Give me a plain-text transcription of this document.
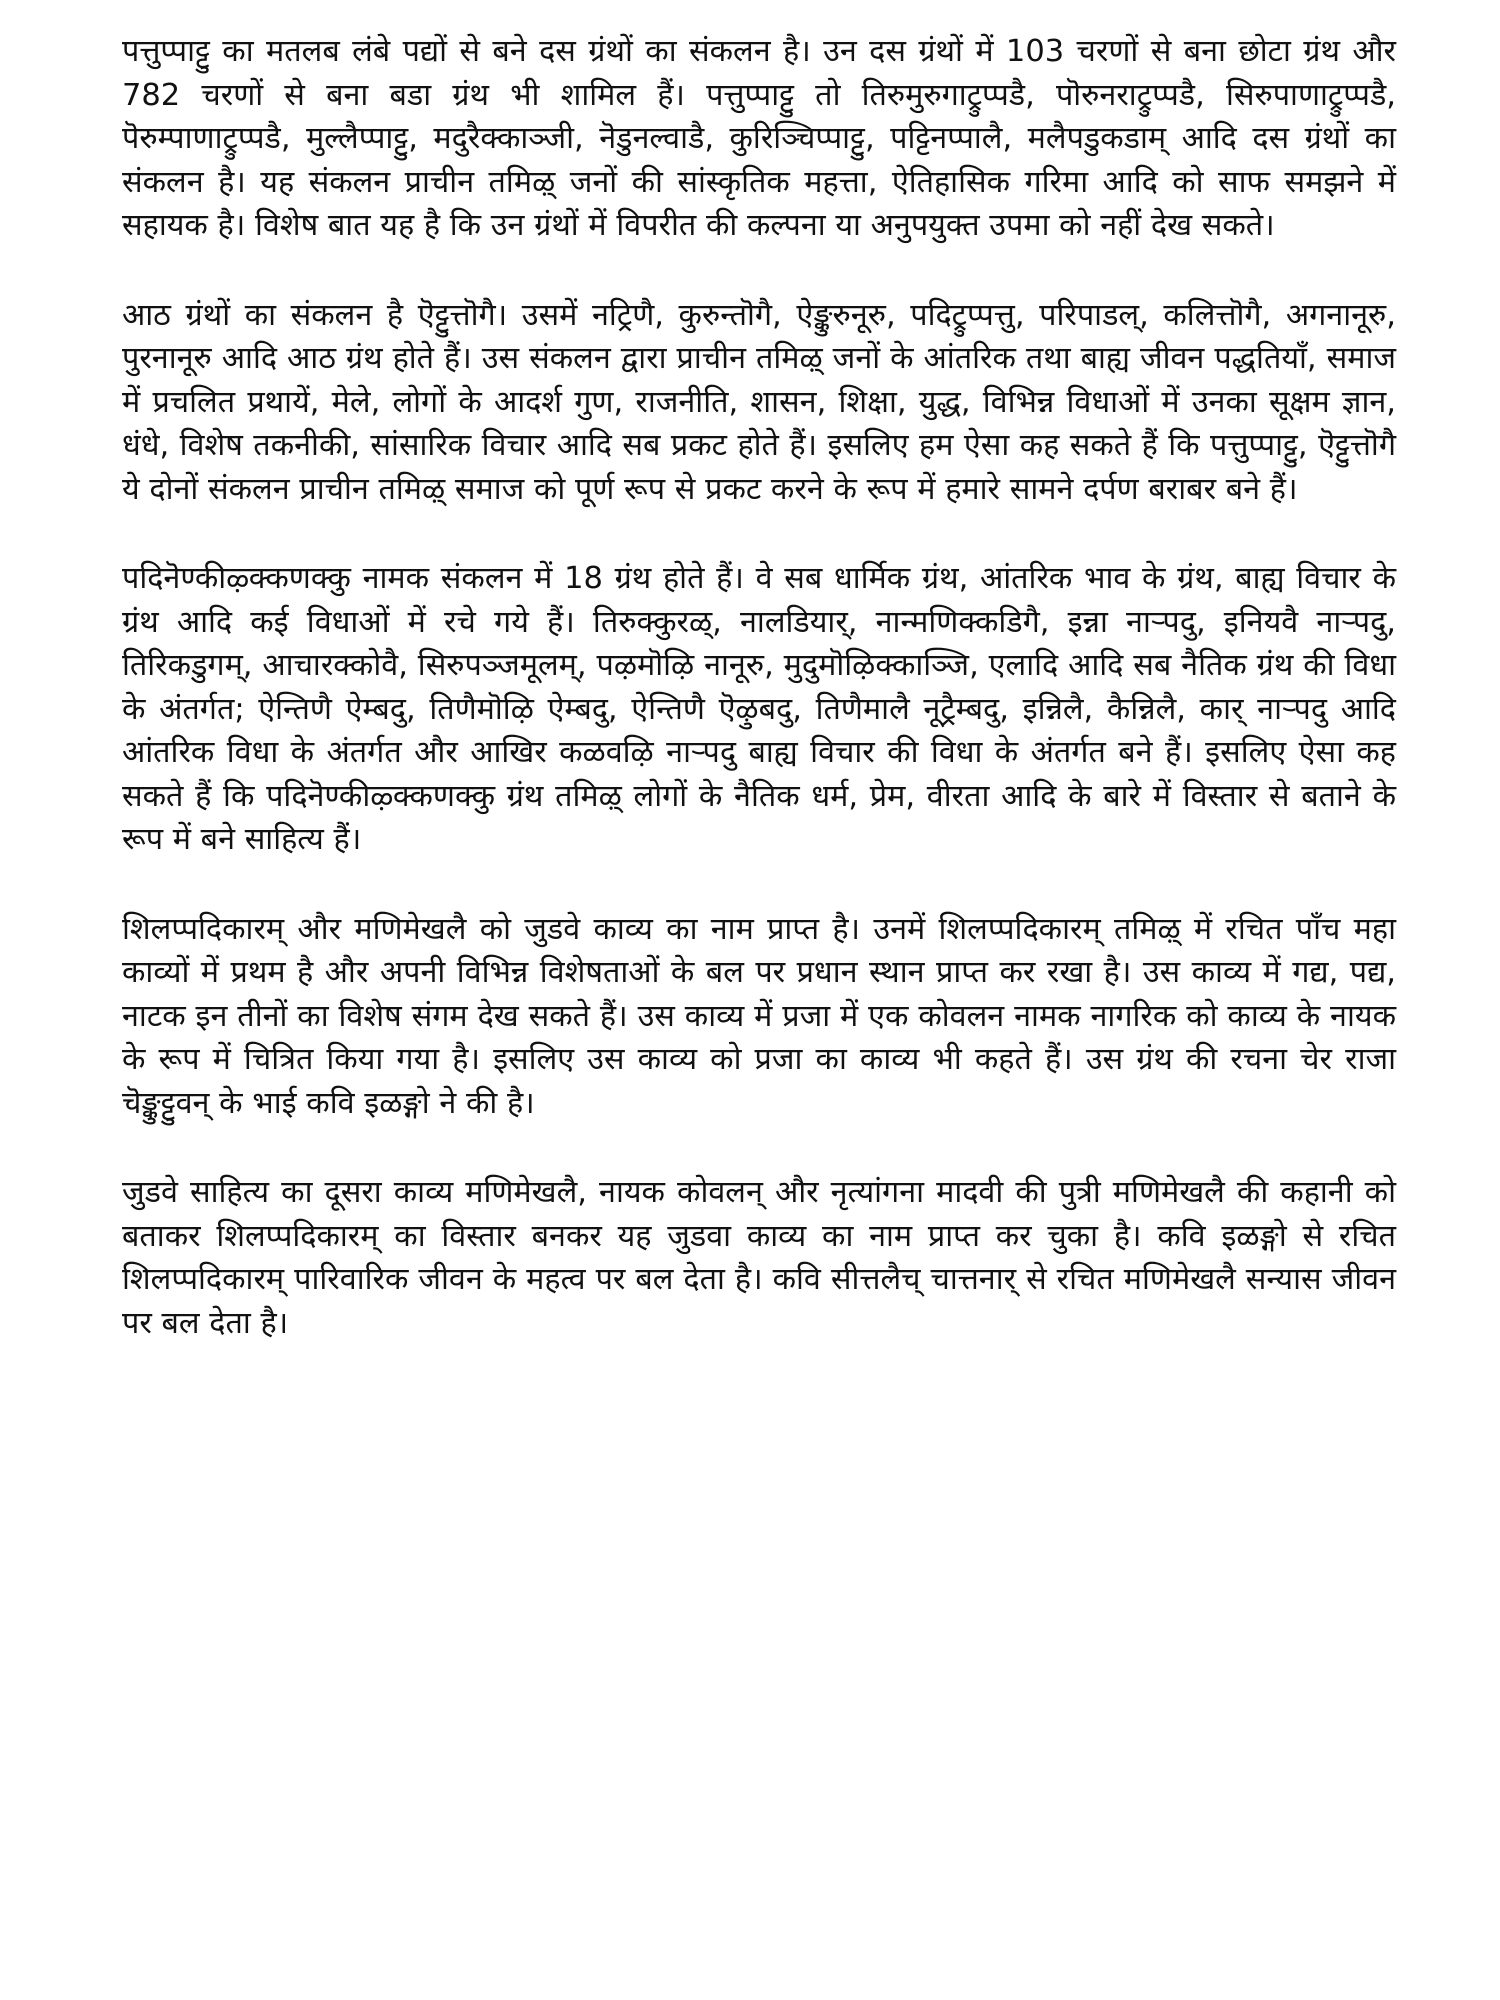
पत्तुप्पाट्टु का मतलब लंबे पद्यों से बने दस ग्रंथों का संकलन है। उन दस ग्रंथों में 103 चरणों से बना छोटा ग्रंथ और 782 चरणों से बना बडा ग्रंथ भी शामिल हैं। पत्तुप्पाट्टु तो तिरुमुरुगाट्रुप्पडै, पॊरुनराट्रुप्पडै, सिरुपाणाट्रुप्पडै, पॆरुम्पाणाट्रुप्पडै, मुल्लैप्पाट्टु, मदुरैक्काञ्जी, नॆडुनल्वाडै, कुरिञ्चिप्पाट्टु, पट्टिनप्पालै, मलैपडुकडाम् आदि दस ग्रंथों का संकलन है। यह संकलन प्राचीन तमिऴ् जनों की सांस्कृतिक महत्ता, ऐतिहासिक गरिमा आदि को साफ समझने में सहायक है। विशेष बात यह है कि उन ग्रंथों में विपरीत की कल्पना या अनुपयुक्त उपमा को नहीं देख सकते।

आठ ग्रंथों का संकलन है ऎट्टुत्तॊगै। उसमें नट्रिणै, कुरुन्तॊगै, ऐङ्कुरुनूरु, पदिट्रुप्पत्तु, परिपाडल्, कलित्तॊगै, अगनानूरु, पुरनानूरु आदि आठ ग्रंथ होते हैं। उस संकलन द्वारा प्राचीन तमिऴ् जनों के आंतरिक तथा बाह्य जीवन पद्धतियाँ, समाज में प्रचलित प्रथायें, मेले, लोगों के आदर्श गुण, राजनीति, शासन, शिक्षा, युद्ध, विभिन्न विधाओं में उनका सूक्षम ज्ञान, धंधे, विशेष तकनीकी, सांसारिक विचार आदि सब प्रकट होते हैं। इसलिए हम ऐसा कह सकते हैं कि पत्तुप्पाट्टु, ऎट्टुत्तॊगै ये दोनों संकलन प्राचीन तमिऴ् समाज को पूर्ण रूप से प्रकट करने के रूप में हमारे सामने दर्पण बराबर बने हैं।

पदिनॆण्कीऴ्क्कणक्कु नामक संकलन में 18 ग्रंथ होते हैं। वे सब धार्मिक ग्रंथ, आंतरिक भाव के ग्रंथ, बाह्य विचार के ग्रंथ आदि कई विधाओं में रचे गये हैं। तिरुक्कुरळ्, नालडियार्, नान्मणिक्कडिगै, इन्ना नाऱ्पदु, इनियवै नाऱ्पदु, तिरिकडुगम्, आचारक्कोवै, सिरुपञ्जमूलम्, पऴमॊऴि नानूरु, मुदुमॊऴिक्काञ्जि, एलादि आदि सब नैतिक ग्रंथ की विधा के अंतर्गत; ऐन्तिणै ऐम्बदु, तिणैमॊऴि ऐम्बदु, ऐन्तिणै ऎऴुबदु, तिणैमालै नूट्रैम्बदु, इन्निलै, कैन्निलै, कार् नाऱ्पदु आदि आंतरिक विधा के अंतर्गत और आखिर कळवऴि नाऱ्पदु बाह्य विचार की विधा के अंतर्गत बने हैं। इसलिए ऐसा कह सकते हैं कि पदिनॆण्कीऴ्क्कणक्कु ग्रंथ तमिऴ् लोगों के नैतिक धर्म, प्रेम, वीरता आदि के बारे में विस्तार से बताने के रूप में बने साहित्य हैं।

शिलप्पदिकारम् और मणिमेखलै को जुडवे काव्य का नाम प्राप्त है। उनमें शिलप्पदिकारम् तमिऴ् में रचित पाँच महा काव्यों में प्रथम है और अपनी विभिन्न विशेषताओं के बल पर प्रधान स्थान प्राप्त कर रखा है। उस काव्य में गद्य, पद्य, नाटक इन तीनों का विशेष संगम देख सकते हैं। उस काव्य में प्रजा में एक कोवलन नामक नागरिक को काव्य के नायक के रूप में चित्रित किया गया है। इसलिए उस काव्य को प्रजा का काव्य भी कहते हैं। उस ग्रंथ की रचना चेर राजा चॆङ्कुट्टुवन् के भाई कवि इळङ्गो ने की है।

जुडवे साहित्य का दूसरा काव्य मणिमेखलै, नायक कोवलन् और नृत्यांगना मादवी की पुत्री मणिमेखलै की कहानी को बताकर शिलप्पदिकारम् का विस्तार बनकर यह जुडवा काव्य का नाम प्राप्त कर चुका है। कवि इळङ्गो से रचित शिलप्पदिकारम् पारिवारिक जीवन के महत्व पर बल देता है। कवि सीत्तलैच् चात्तनार् से रचित मणिमेखलै सन्यास जीवन पर बल देता है।
